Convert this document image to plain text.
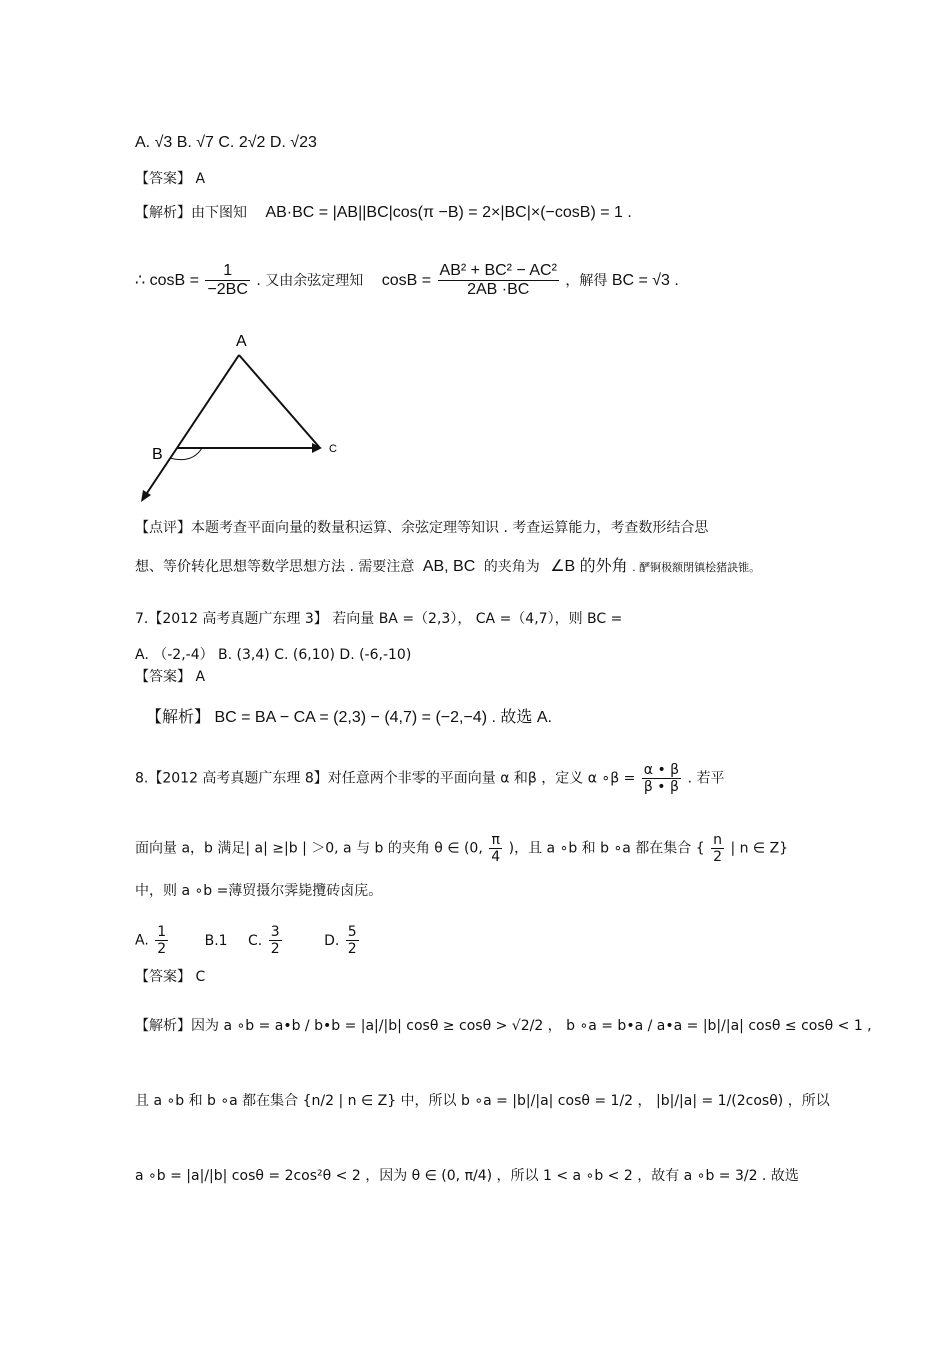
A. √3 B. √7 C. 2√2 D. √23
【答案】 A
【解析】由下图知 AB·BC = |AB||BC|cos(π −B) = 2×|BC|×(−cosB) = 1 .
∴ $\cos B = \frac{1}{-2BC}$ . 又由余弦定理知 $\cos B = \frac{\text{AB² + BC² − AC²}}{2AB \cdot BC}$ ，解得 BC = √3 .
A
B	C
【点评】本题考查平面向量的数量积运算、余弦定理等知识 . 考查运算能力，考查数形结合思
想、等价转化思想等数学思想方法 . 需要注意 AB, BC 的夹角为 ∠B 的外角 . 酽锕极额閉镇桧猪訣锥。
7.【2012 高考真题广东理 3】 若向量 BA =（2,3）， CA =（4,7），则 BC =
A. （-2,-4） B. (3,4) C. (6,10) D. (-6,-10)
【答案】 A
【解析】 BC = BA − CA = (2,3) − (4,7) = (−2,−4) . 故选 A.
8.【2012 高考真题广东理 8】对任意两个非零的平面向量 α 和β ，定义 α ∘β = $\frac{\alpha • \beta}{\beta • \beta}$ . 若平
面向量 a，b 满足| a| ≥|b | ＞0, a 与 b 的夹角 θ ∈ (0, $\frac{\pi}{4}$ )，且 a ∘b 和 b ∘a 都在集合 { $\frac{n}{2}$ | n ∈ Z}
中，则 a ∘b =薄贸摄尔霁毙攬砖卤庑。
A. $\frac{1}{2}$	B.1 C. $\frac{3}{2}$	D. $\frac{5}{2}$
【答案】 C
【解析】因为 a ∘b = a•b / b•b = |a|/|b| cosθ ≥ cosθ > √2/2 ， b ∘a = b•a / a•a = |b|/|a| cosθ ≤ cosθ < 1 ,
且 a ∘b 和 b ∘a 都在集合 {n/2 | n ∈ Z} 中，所以 b ∘a = |b|/|a| cosθ = 1/2 ， |b|/|a| = 1/(2cosθ) ，所以
a ∘b = |a|/|b| cosθ = 2cos²θ < 2 ，因为 θ ∈ (0, π/4) ，所以 1 < a ∘b < 2 ，故有 a ∘b = 3/2 . 故选
